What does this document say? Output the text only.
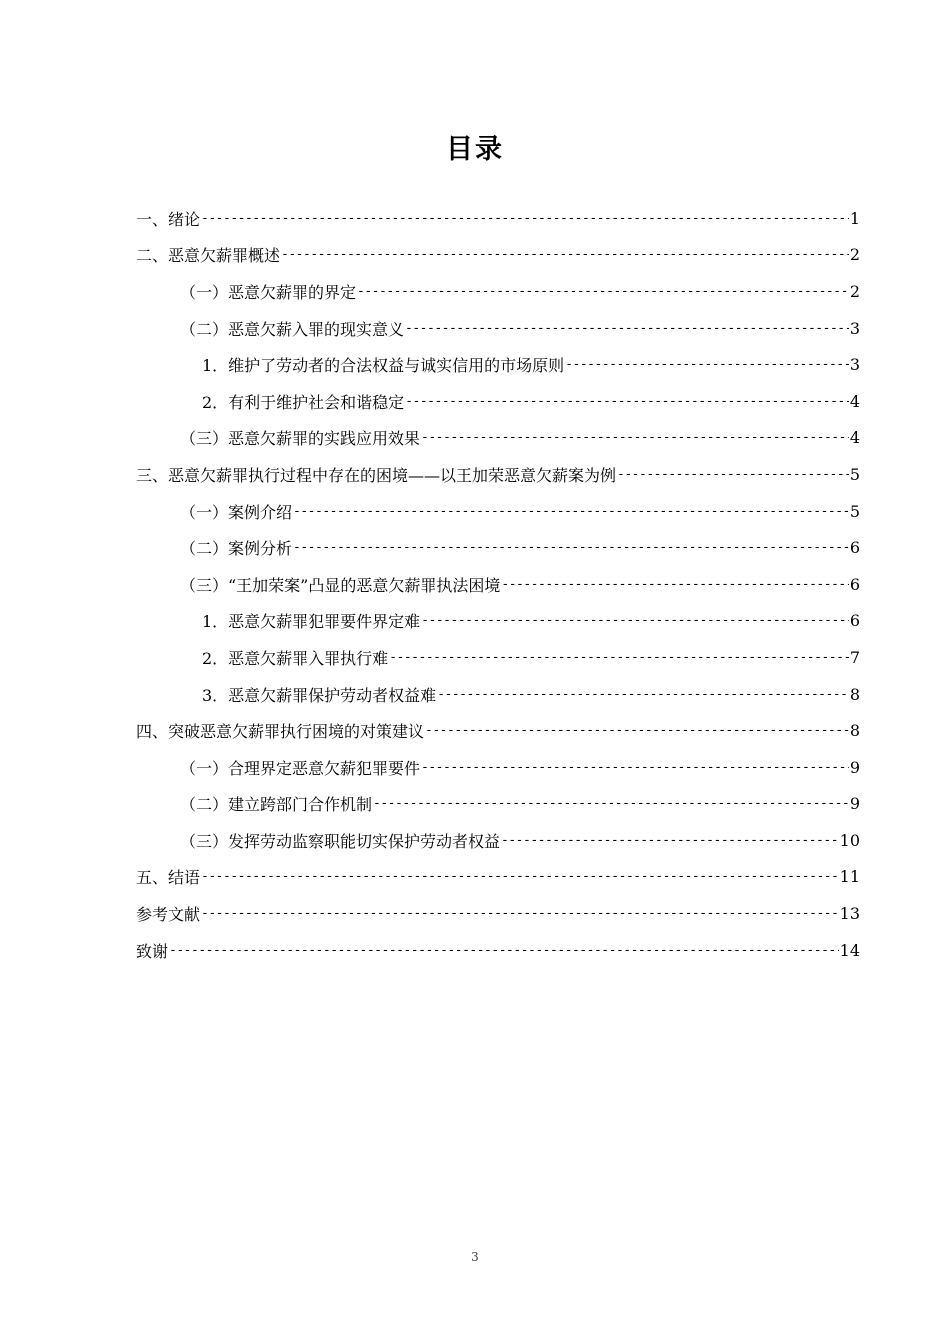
目录
一、绪论 -----	1
二、恶意欠薪罪概述 -----	2
（一）恶意欠薪罪的界定 -----	2
（二）恶意欠薪入罪的现实意义 -----	3
1．维护了劳动者的合法权益与诚实信用的市场原则 -----	3
2．有利于维护社会和谐稳定 -----	4
（三）恶意欠薪罪的实践应用效果 -----	4
三、恶意欠薪罪执行过程中存在的困境——以王加荣恶意欠薪案为例 -----	5
（一）案例介绍 -----	5
（二）案例分析 -----	6
（三）“王加荣案”凸显的恶意欠薪罪执法困境 -----	6
1．恶意欠薪罪犯罪要件界定难 -----	6
2．恶意欠薪罪入罪执行难 -----	7
3．恶意欠薪罪保护劳动者权益难 -----	8
四、突破恶意欠薪罪执行困境的对策建议 -----	8
（一）合理界定恶意欠薪犯罪要件 -----	9
（二）建立跨部门合作机制 -----	9
（三）发挥劳动监察职能切实保护劳动者权益 -----	10
五、结语 -----	11
参考文献 -----	13
致谢 -----	14
3
